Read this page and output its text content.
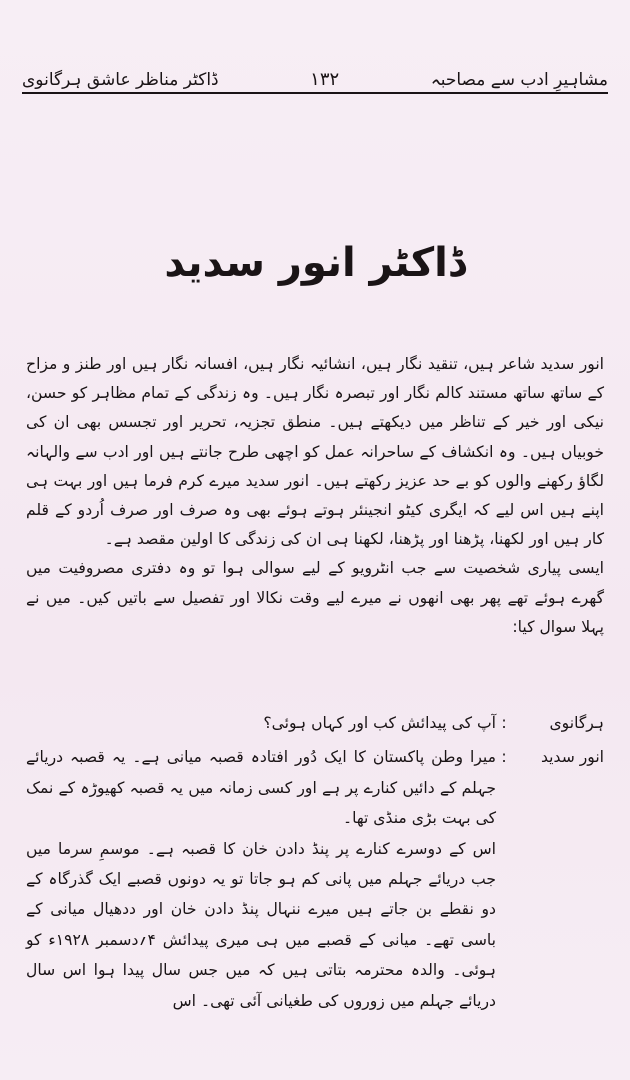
ڈاکٹر مناظر عاشق ہرگانوی	۱۳۲	مشاہیرِ ادب سے مصاحبہ
ڈاکٹر انور سدید

انور سدید شاعر ہیں، تنقید نگار ہیں، انشائیہ نگار ہیں، افسانہ نگار ہیں اور طنز و مزاح کے ساتھ ساتھ مستند کالم نگار اور تبصرہ نگار ہیں۔ وہ زندگی کے تمام مظاہر کو حسن، نیکی اور خیر کے تناظر میں دیکھتے ہیں۔ منطق تجزیہ، تحریر اور تجسس بھی ان کی خوبیاں ہیں۔ وہ انکشاف کے ساحرانہ عمل کو اچھی طرح جانتے ہیں اور ادب سے والہانہ لگاؤ رکھنے والوں کو بے حد عزیز رکھتے ہیں۔ انور سدید میرے کرم فرما ہیں اور بہت ہی اپنے ہیں اس لیے کہ ایگری کیٹو انجینئر ہوتے ہوئے بھی وہ صرف اور صرف اُردو کے قلم کار ہیں اور لکھنا، پڑھنا اور پڑھنا، لکھنا ہی ان کی زندگی کا اولین مقصد ہے۔

ایسی پیاری شخصیت سے جب انٹرویو کے لیے سوالی ہوا تو وہ دفتری مصروفیت میں گھرے ہوئے تھے پھر بھی انھوں نے میرے لیے وقت نکالا اور تفصیل سے باتیں کیں۔ میں نے پہلا سوال کیا:

ہرگانوی
:
آپ کی پیدائش کب اور کہاں ہوئی؟
انور سدید
:
میرا وطن پاکستان کا ایک دُور افتادہ قصبہ میانی ہے۔ یہ قصبہ دریائے جہلم کے دائیں کنارے پر ہے اور کسی زمانہ میں یہ قصبہ کھیوڑہ کے نمک کی بہت بڑی منڈی تھا۔
اس کے دوسرے کنارے پر پنڈ دادن خان کا قصبہ ہے۔ موسمِ سرما میں جب دریائے جہلم میں پانی کم ہو جاتا تو یہ دونوں قصبے ایک گذرگاہ کے دو نقطے بن جاتے ہیں میرے ننہال پنڈ دادن خان اور ددھیال میانی کے باسی تھے۔ میانی کے قصبے میں ہی میری پیدائش ۴؍دسمبر ۱۹۲۸ء کو ہوئی۔ والدہ محترمہ بتاتی ہیں کہ میں جس سال پیدا ہوا اس سال دریائے جہلم میں زوروں کی طغیانی آئی تھی۔ اس
